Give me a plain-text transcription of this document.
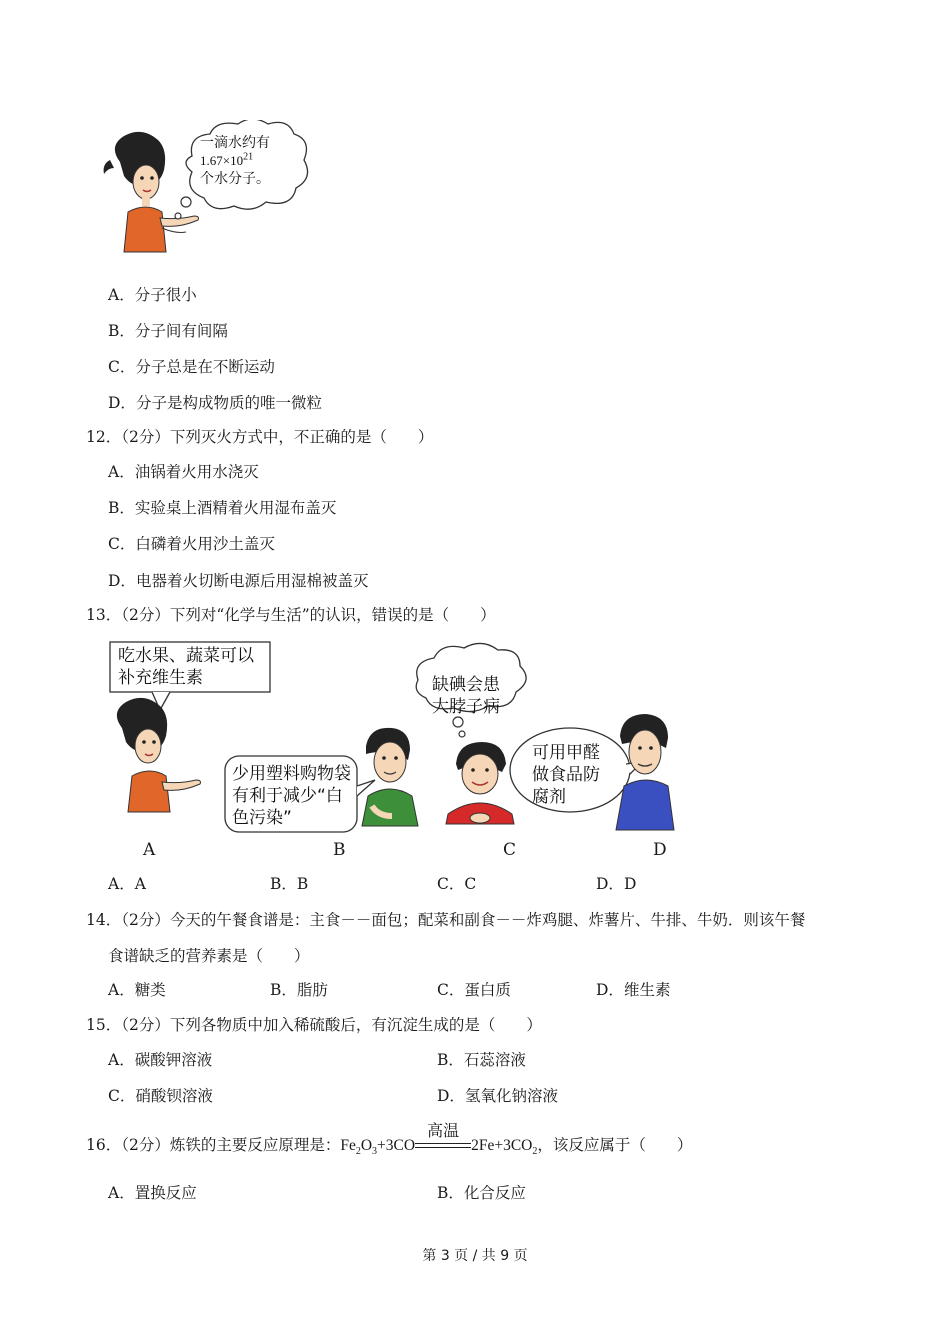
一滴水约有
$1.67\times 10^{21}$
个水分子。
A．分子很小
B．分子间有间隔
C．分子总是在不断运动
D．分子是构成物质的唯一微粒
12．（2分）下列灭火方式中，不正确的是（　　）
A．油锅着火用水浇灭
B．实验桌上酒精着火用湿布盖灭
C．白磷着火用沙土盖灭
D．电器着火切断电源后用湿棉被盖灭
13．（2分）下列对“化学与生活”的认识，错误的是（　　）
吃水果、蔬菜可以
补充维生素
少用塑料购物袋
有利于减少“白
色污染”
缺碘会患
大脖子病
可用甲醛
做食品防
腐剂
A	B	C	D
A．A	B．B	C．C	D．D
14．（2分）今天的午餐食谱是：主食－－面包；配菜和副食－－炸鸡腿、炸薯片、牛排、牛奶．则该午餐
食谱缺乏的营养素是（　　）
A．糖类	B．脂肪	C．蛋白质	D．维生素
15．（2分）下列各物质中加入稀硫酸后，有沉淀生成的是（　　）
A．碳酸钾溶液	B．石蕊溶液
C．硝酸钡溶液	D．氢氧化钠溶液
16．（2分）炼铁的主要反应原理是：$Fe_2O_3+3CO$
高温
$2Fe+3CO_2$，该反应属于（　　）
A．置换反应	B．化合反应
第 3 页 / 共 9 页
